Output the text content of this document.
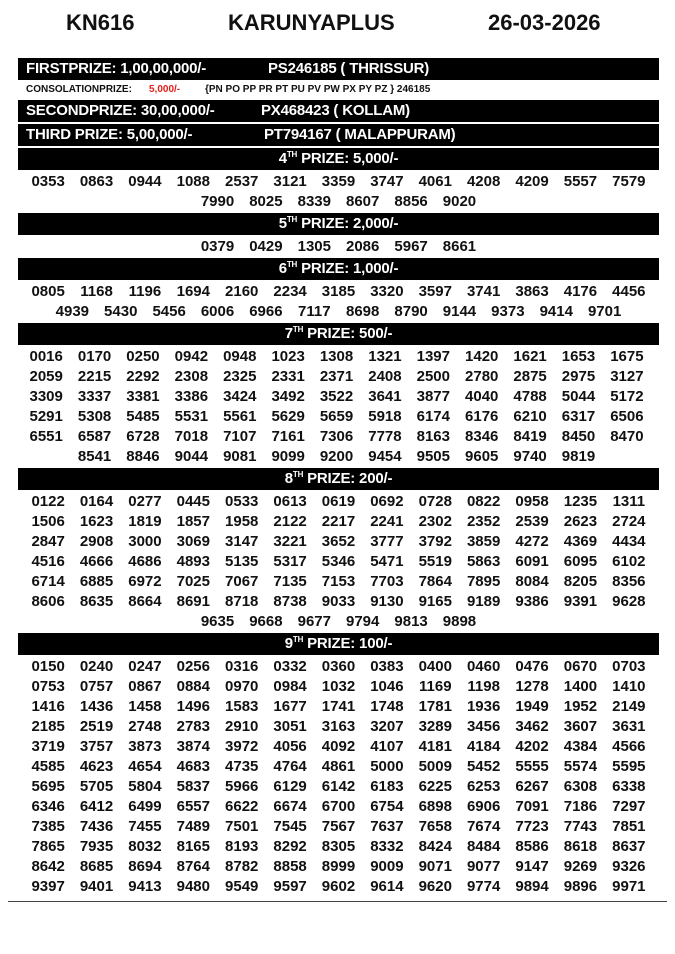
KN616	KARUNYAPLUS	26-03-2026
FIRSTPRIZE: 1,00,00,000/-	PS246185 ( THRISSUR)
CONSOLATIONPRIZE: 5,000/- {PN PO PP PR PT PU PV PW PX PY PZ } 246185
SECONDPRIZE: 30,00,000/-	PX468423 ( KOLLAM)
THIRD PRIZE: 5,00,000/-	PT794167 ( MALAPPURAM)
4TH PRIZE: 5,000/-
0353	0863	0944	1088	2537	3121	3359	3747	4061	4208	4209	5557	7579
7990	8025	8339	8607	8856	9020
5TH PRIZE: 2,000/-
0379	0429	1305	2086	5967	8661
6TH PRIZE: 1,000/-
0805	1168	1196	1694	2160	2234	3185	3320	3597	3741	3863	4176	4456
4939	5430	5456	6006	6966	7117	8698	8790	9144	9373	9414	9701
7TH PRIZE: 500/-
0016	0170	0250	0942	0948	1023	1308	1321	1397	1420	1621	1653	1675
2059	2215	2292	2308	2325	2331	2371	2408	2500	2780	2875	2975	3127
3309	3337	3381	3386	3424	3492	3522	3641	3877	4040	4788	5044	5172
5291	5308	5485	5531	5561	5629	5659	5918	6174	6176	6210	6317	6506
6551	6587	6728	7018	7107	7161	7306	7778	8163	8346	8419	8450	8470
8541	8846	9044	9081	9099	9200	9454	9505	9605	9740	9819
8TH PRIZE: 200/-
0122	0164	0277	0445	0533	0613	0619	0692	0728	0822	0958	1235	1311
1506	1623	1819	1857	1958	2122	2217	2241	2302	2352	2539	2623	2724
2847	2908	3000	3069	3147	3221	3652	3777	3792	3859	4272	4369	4434
4516	4666	4686	4893	5135	5317	5346	5471	5519	5863	6091	6095	6102
6714	6885	6972	7025	7067	7135	7153	7703	7864	7895	8084	8205	8356
8606	8635	8664	8691	8718	8738	9033	9130	9165	9189	9386	9391	9628
9635	9668	9677	9794	9813	9898
9TH PRIZE: 100/-
0150	0240	0247	0256	0316	0332	0360	0383	0400	0460	0476	0670	0703
0753	0757	0867	0884	0970	0984	1032	1046	1169	1198	1278	1400	1410
1416	1436	1458	1496	1583	1677	1741	1748	1781	1936	1949	1952	2149
2185	2519	2748	2783	2910	3051	3163	3207	3289	3456	3462	3607	3631
3719	3757	3873	3874	3972	4056	4092	4107	4181	4184	4202	4384	4566
4585	4623	4654	4683	4735	4764	4861	5000	5009	5452	5555	5574	5595
5695	5705	5804	5837	5966	6129	6142	6183	6225	6253	6267	6308	6338
6346	6412	6499	6557	6622	6674	6700	6754	6898	6906	7091	7186	7297
7385	7436	7455	7489	7501	7545	7567	7637	7658	7674	7723	7743	7851
7865	7935	8032	8165	8193	8292	8305	8332	8424	8484	8586	8618	8637
8642	8685	8694	8764	8782	8858	8999	9009	9071	9077	9147	9269	9326
9397	9401	9413	9480	9549	9597	9602	9614	9620	9774	9894	9896	9971
